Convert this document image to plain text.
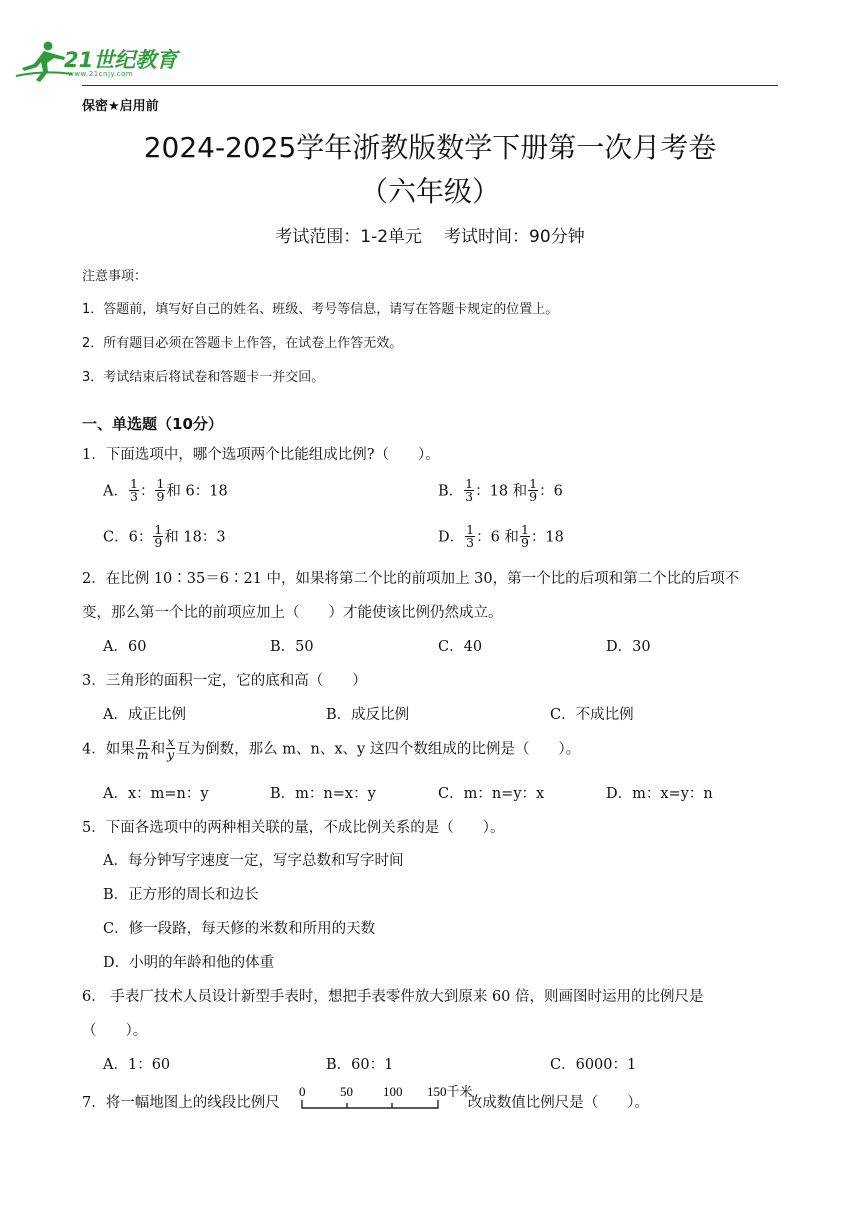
21世纪教育
www.21cnjy.com
保密★启用前
2024-2025学年浙教版数学下册第一次月考卷
（六年级）
考试范围：1-2单元 考试时间：90分钟
注意事项：
1．答题前，填写好自己的姓名、班级、考号等信息，请写在答题卡规定的位置上。
2．所有题目必须在答题卡上作答，在试卷上作答无效。
3．考试结束后将试卷和答题卡一并交回。
一、单选题（10分）
1．下面选项中，哪个选项两个比能组成比例?（　　）。
A． $\frac{1}{3}$ ： $\frac{1}{9}$ 和 6：18	B． $\frac{1}{3}$ ：18 和 $\frac{1}{9}$ ：6
C．6： $\frac{1}{9}$ 和 18：3	D． $\frac{1}{3}$ ：6 和 $\frac{1}{9}$ ：18
2．在比例 10∶35＝6∶21 中，如果将第二个比的前项加上 30，第一个比的后项和第二个比的后项不
变，那么第一个比的前项应加上（　　）才能使该比例仍然成立。
A．60	B．50	C．40	D．30
3．三角形的面积一定，它的底和高（　　）
A．成正比例	B．成反比例	C．不成比例
4．如果 $\frac{n}{m}$ 和 $\frac{x}{y}$ 互为倒数，那么 m、n、x、y 这四个数组成的比例是（　　）。
A．x：m=n：y	B．m：n=x：y	C．m：n=y：x	D．m：x=y：n
5．下面各选项中的两种相关联的量，不成比例关系的是（　　）。
A．每分钟写字速度一定，写字总数和写字时间
B．正方形的周长和边长
C．修一段路，每天修的米数和所用的天数
D．小明的年龄和他的体重
6． 手表厂技术人员设计新型手表时，想把手表零件放大到原来 60 倍，则画图时运用的比例尺是
（　　）。
A．1：60	B．60：1	C．6000：1
7．将一幅地图上的线段比例尺	改成数值比例尺是（　　）。
0	50 100 150千米
